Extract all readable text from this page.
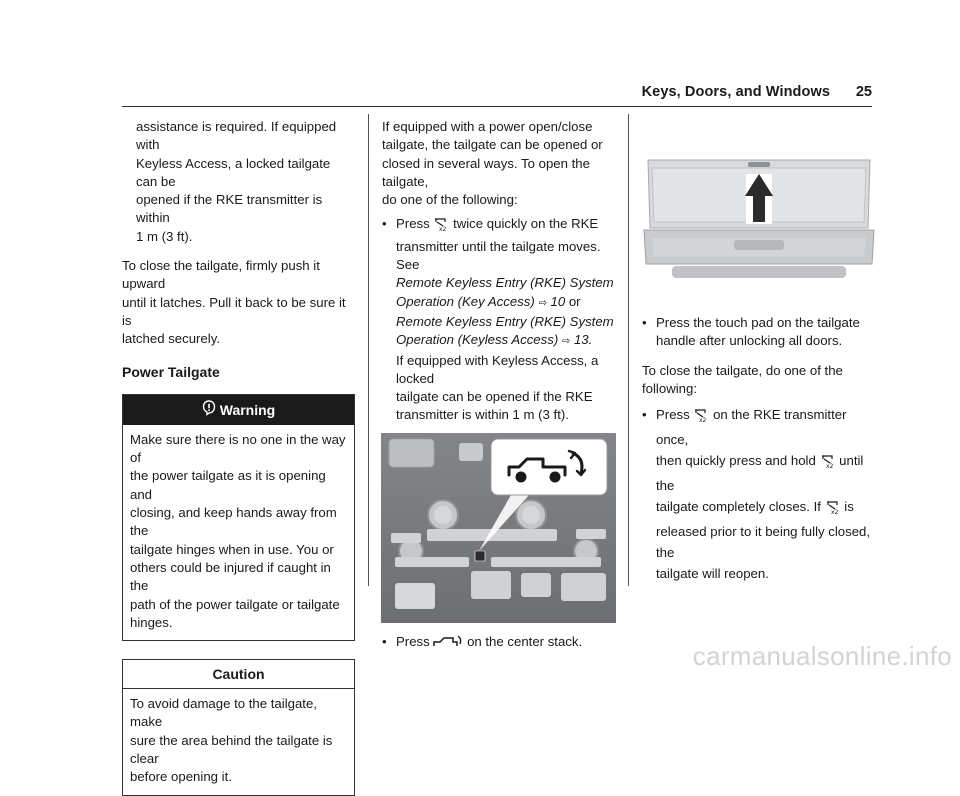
Keys, Doors, and Windows 25

assistance is required. If equipped with
Keyless Access, a locked tailgate can be
opened if the RKE transmitter is within
1 m (3 ft).

To close the tailgate, firmly push it upward
until it latches. Pull it back to be sure it is
latched securely.

Power Tailgate
Warning
Make sure there is no one in the way of
the power tailgate as it is opening and
closing, and keep hands away from the
tailgate hinges when in use. You or
others could be injured if caught in the
path of the power tailgate or tailgate
hinges.
Caution
To avoid damage to the tailgate, make
sure the area behind the tailgate is clear
before opening it.

If equipped with a power open/close
tailgate, the tailgate can be opened or
closed in several ways. To open the tailgate,
do one of the following:

• Press x2 twice quickly on the RKE
transmitter until the tailgate moves. See
Remote Keyless Entry (RKE) System
Operation (Key Access) ⇨ 10 or
Remote Keyless Entry (RKE) System
Operation (Keyless Access) ⇨ 13.
If equipped with Keyless Access, a locked
tailgate can be opened if the RKE
transmitter is within 1 m (3 ft).
• Press	on the center stack.
• Press the touch pad on the tailgate
handle after unlocking all doors.

To close the tailgate, do one of the
following:

• Press x2 on the RKE transmitter once,
then quickly press and hold x2 until the
tailgate completely closes. If x2 is
released prior to it being fully closed, the
tailgate will reopen.
carmanualsonline.info
